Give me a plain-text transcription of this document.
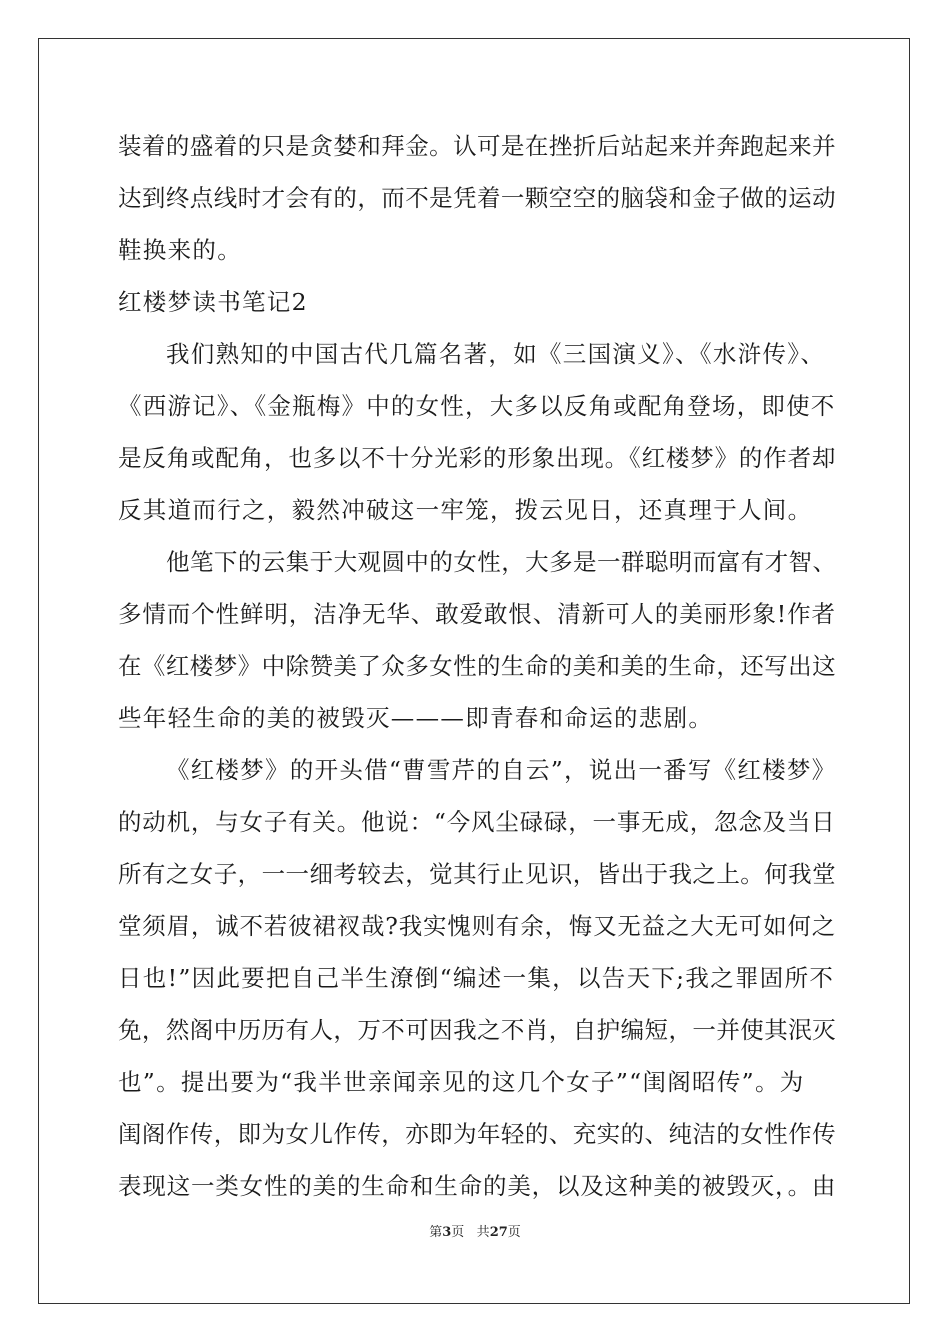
装着的盛着的只是贪婪和拜金。认可是在挫折后站起来并奔跑起来并
达到终点线时才会有的，而不是凭着一颗空空的脑袋和金子做的运动
鞋换来的。
红楼梦读书笔记2
我们熟知的中国古代几篇名著，如《三国演义》、《水浒传》、
《西游记》、《金瓶梅》中的女性，大多以反角或配角登场，即使不
是反角或配角，也多以不十分光彩的形象出现。《红楼梦》的作者却
反其道而行之，毅然冲破这一牢笼，拨云见日，还真理于人间。
他笔下的云集于大观圆中的女性，大多是一群聪明而富有才智、
多情而个性鲜明，洁净无华、敢爱敢恨、清新可人的美丽形象!作者
在《红楼梦》中除赞美了众多女性的生命的美和美的生命，还写出这
些年轻生命的美的被毁灭———即青春和命运的悲剧。
《红楼梦》的开头借“曹雪芹的自云”，说出一番写《红楼梦》
的动机，与女子有关。他说：“今风尘碌碌，一事无成，忽念及当日
所有之女子，一一细考较去，觉其行止见识，皆出于我之上。何我堂
堂须眉，诚不若彼裙衩哉?我实愧则有余，悔又无益之大无可如何之
日也!”因此要把自己半生潦倒“编述一集，以告天下;我之罪固所不
免，然阁中历历有人，万不可因我之不肖，自护编短，一并使其泯灭
也”。提出要为“我半世亲闻亲见的这几个女子”“闺阁昭传”。为
闺阁作传，即为女儿作传，亦即为年轻的、充实的、纯洁的女性作传
表现这一类女性的美的生命和生命的美，以及这种美的被毁灭，。由
第3页 共27页
